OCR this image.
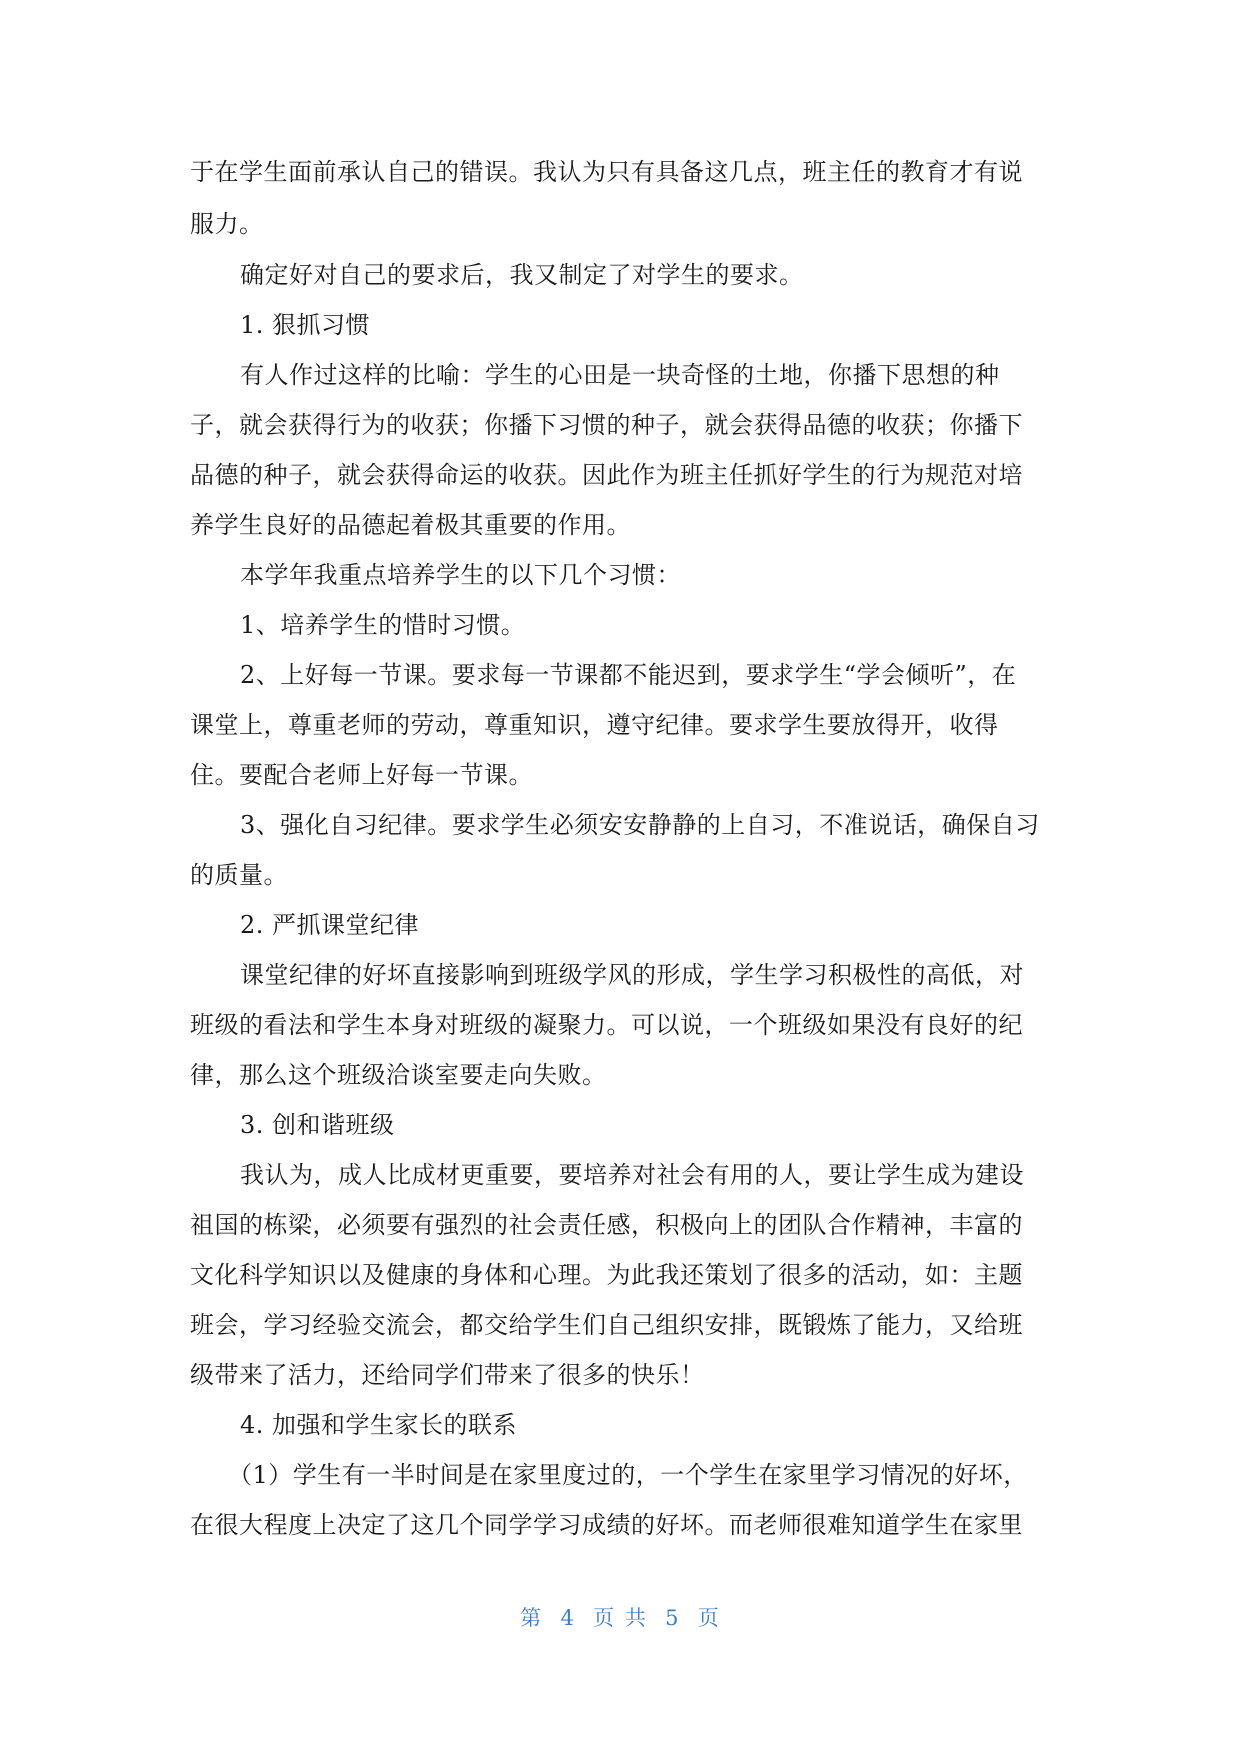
于在学生面前承认自己的错误。我认为只有具备这几点，班主任的教育才有说
服力。
确定好对自己的要求后，我又制定了对学生的要求。
1. 狠抓习惯
有人作过这样的比喻：学生的心田是一块奇怪的土地，你播下思想的种
子，就会获得行为的收获；你播下习惯的种子，就会获得品德的收获；你播下
品德的种子，就会获得命运的收获。因此作为班主任抓好学生的行为规范对培
养学生良好的品德起着极其重要的作用。
本学年我重点培养学生的以下几个习惯：
1、培养学生的惜时习惯。
2、上好每一节课。要求每一节课都不能迟到，要求学生“学会倾听”，在
课堂上，尊重老师的劳动，尊重知识，遵守纪律。要求学生要放得开，收得
住。要配合老师上好每一节课。
3、强化自习纪律。要求学生必须安安静静的上自习，不准说话，确保自习
的质量。
2. 严抓课堂纪律
课堂纪律的好坏直接影响到班级学风的形成，学生学习积极性的高低，对
班级的看法和学生本身对班级的凝聚力。可以说，一个班级如果没有良好的纪
律，那么这个班级洽谈室要走向失败。
3. 创和谐班级
我认为，成人比成材更重要，要培养对社会有用的人，要让学生成为建设
祖国的栋梁，必须要有强烈的社会责任感，积极向上的团队合作精神，丰富的
文化科学知识以及健康的身体和心理。为此我还策划了很多的活动，如：主题
班会，学习经验交流会，都交给学生们自己组织安排，既锻炼了能力，又给班
级带来了活力，还给同学们带来了很多的快乐！
4. 加强和学生家长的联系
（1）学生有一半时间是在家里度过的，一个学生在家里学习情况的好坏，
在很大程度上决定了这几个同学学习成绩的好坏。而老师很难知道学生在家里
第  4  页 共  5  页
